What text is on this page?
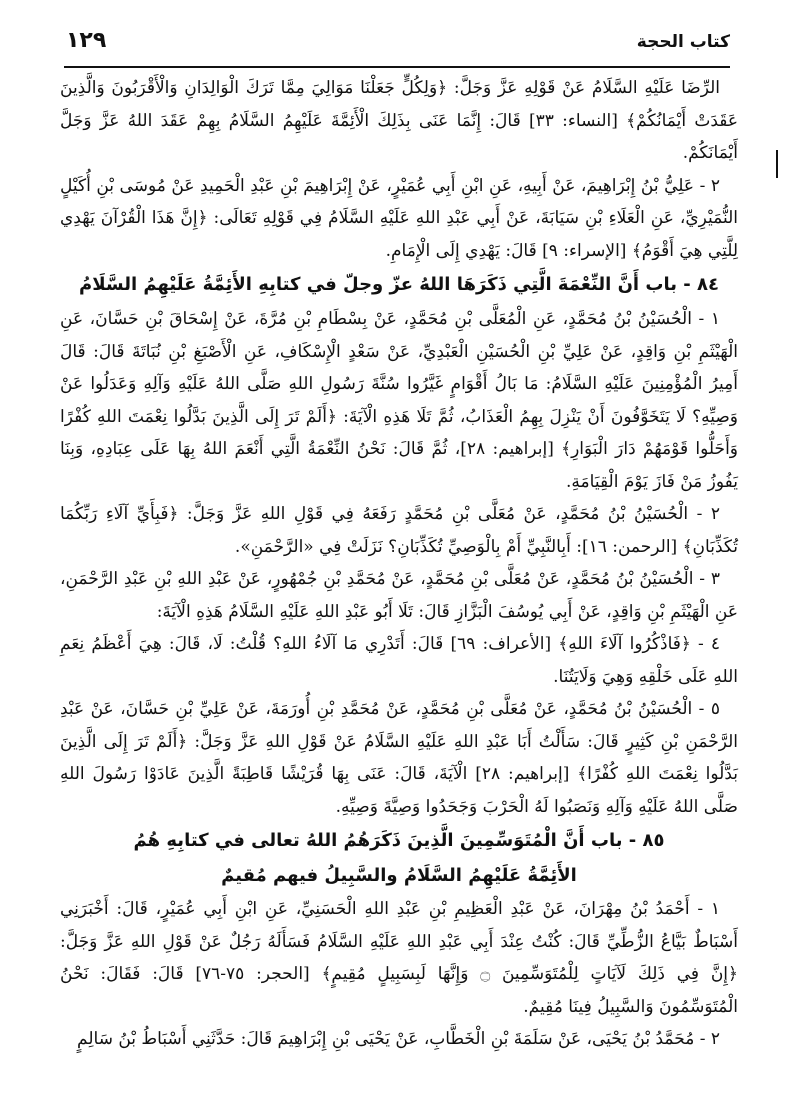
١٢٩	كتاب الحجة

الرِّضَا عَلَيْهِ السَّلَامُ عَنْ قَوْلِهِ عَزَّ وَجَلَّ: ﴿وَلِكُلٍّ جَعَلْنَا مَوَالِيَ مِمَّا تَرَكَ الْوَالِدَانِ وَالْأَقْرَبُونَ وَالَّذِينَ عَقَدَتْ أَيْمَانُكُمْ﴾ [النساء: ٣٣] قَالَ: إِنَّمَا عَنَى بِذَلِكَ الْأَئِمَّةَ عَلَيْهِمُ السَّلَامُ بِهِمْ عَقَدَ اللهُ عَزَّ وَجَلَّ أَيْمَانَكُمْ.

٢ - عَلِيُّ بْنُ إِبْرَاهِيمَ، عَنْ أَبِيهِ، عَنِ ابْنِ أَبِي عُمَيْرٍ، عَنْ إِبْرَاهِيمَ بْنِ عَبْدِ الْحَمِيدِ عَنْ مُوسَى بْنِ أُكَيْلٍ النُّمَيْرِيِّ، عَنِ الْعَلَاءِ بْنِ سَيَابَةَ، عَنْ أَبِي عَبْدِ اللهِ عَلَيْهِ السَّلَامُ فِي قَوْلِهِ تَعَالَى: ﴿إِنَّ هَذَا الْقُرْآنَ يَهْدِي لِلَّتِي هِيَ أَقْوَمُ﴾ [الإسراء: ٩] قَالَ: يَهْدِي إِلَى الْإِمَامِ.

٨٤ - باب أَنَّ النِّعْمَةَ الَّتِي ذَكَرَهَا اللهُ عزّ وجلّ في كتابِهِ الأَئِمَّةُ عَلَيْهِمُ السَّلَامُ

١ - الْحُسَيْنُ بْنُ مُحَمَّدٍ، عَنِ الْمُعَلَّى بْنِ مُحَمَّدٍ، عَنْ بِسْطَامِ بْنِ مُرَّةَ، عَنْ إِسْحَاقَ بْنِ حَسَّانَ، عَنِ الْهَيْثَمِ بْنِ وَاقِدٍ، عَنْ عَلِيِّ بْنِ الْحُسَيْنِ الْعَبْدِيِّ، عَنْ سَعْدٍ الْإِسْكَافِ، عَنِ الْأَصْبَغِ بْنِ نُبَاتَةَ قَالَ: قَالَ أَمِيرُ الْمُؤْمِنِينَ عَلَيْهِ السَّلَامُ: مَا بَالُ أَقْوَامٍ غَيَّرُوا سُنَّةَ رَسُولِ اللهِ صَلَّى اللهُ عَلَيْهِ وَآلِهِ وَعَدَلُوا عَنْ وَصِيِّهِ؟ لَا يَتَخَوَّفُونَ أَنْ يَنْزِلَ بِهِمُ الْعَذَابُ، ثُمَّ تَلَا هَذِهِ الْآيَةَ: ﴿أَلَمْ تَرَ إِلَى الَّذِينَ بَدَّلُوا نِعْمَتَ اللهِ كُفْرًا وَأَحَلُّوا قَوْمَهُمْ دَارَ الْبَوَارِ﴾ [إبراهيم: ٢٨]، ثُمَّ قَالَ: نَحْنُ النِّعْمَةُ الَّتِي أَنْعَمَ اللهُ بِهَا عَلَى عِبَادِهِ، وَبِنَا يَفُوزُ مَنْ فَازَ يَوْمَ الْقِيَامَةِ.

٢ - الْحُسَيْنُ بْنُ مُحَمَّدٍ، عَنْ مُعَلَّى بْنِ مُحَمَّدٍ رَفَعَهُ فِي قَوْلِ اللهِ عَزَّ وَجَلَّ: ﴿فَبِأَيِّ آلَاءِ رَبِّكُمَا تُكَذِّبَانِ﴾ [الرحمن: ١٦]: أَبِالنَّبِيِّ أَمْ بِالْوَصِيِّ تُكَذِّبَانِ؟ نَزَلَتْ فِي «الرَّحْمَنِ».

٣ - الْحُسَيْنُ بْنُ مُحَمَّدٍ، عَنْ مُعَلَّى بْنِ مُحَمَّدٍ، عَنْ مُحَمَّدِ بْنِ جُمْهُورٍ، عَنْ عَبْدِ اللهِ بْنِ عَبْدِ الرَّحْمَنِ، عَنِ الْهَيْثَمِ بْنِ وَاقِدٍ، عَنْ أَبِي يُوسُفَ الْبَزَّازِ قَالَ: تَلَا أَبُو عَبْدِ اللهِ عَلَيْهِ السَّلَامُ هَذِهِ الْآيَةَ:

٤ - ﴿فَاذْكُرُوا آلَاءَ اللهِ﴾ [الأعراف: ٦٩] قَالَ: أَتَدْرِي مَا آلَاءُ اللهِ؟ قُلْتُ: لَا، قَالَ: هِيَ أَعْظَمُ نِعَمِ اللهِ عَلَى خَلْقِهِ وَهِيَ وَلَايَتُنَا.

٥ - الْحُسَيْنُ بْنُ مُحَمَّدٍ، عَنْ مُعَلَّى بْنِ مُحَمَّدٍ، عَنْ مُحَمَّدِ بْنِ أُورَمَةَ، عَنْ عَلِيِّ بْنِ حَسَّانَ، عَنْ عَبْدِ الرَّحْمَنِ بْنِ كَثِيرٍ قَالَ: سَأَلْتُ أَبَا عَبْدِ اللهِ عَلَيْهِ السَّلَامُ عَنْ قَوْلِ اللهِ عَزَّ وَجَلَّ: ﴿أَلَمْ تَرَ إِلَى الَّذِينَ بَدَّلُوا نِعْمَتَ اللهِ كُفْرًا﴾ [إبراهيم: ٢٨] الْآيَةَ، قَالَ: عَنَى بِهَا قُرَيْشًا قَاطِبَةً الَّذِينَ عَادَوْا رَسُولَ اللهِ صَلَّى اللهُ عَلَيْهِ وَآلِهِ وَنَصَبُوا لَهُ الْحَرْبَ وَجَحَدُوا وَصِيَّةَ وَصِيِّهِ.

٨٥ - باب أَنَّ الْمُتَوَسِّمِينَ الَّذِينَ ذَكَرَهُمُ اللهُ تعالى في كتابِهِ هُمُ

الأَئِمَّةُ عَلَيْهِمُ السَّلَامُ والسَّبِيلُ فيهم مُقيمٌ

١ - أَحْمَدُ بْنُ مِهْرَانَ، عَنْ عَبْدِ الْعَظِيمِ بْنِ عَبْدِ اللهِ الْحَسَنِيِّ، عَنِ ابْنِ أَبِي عُمَيْرٍ، قَالَ: أَخْبَرَنِي أَسْبَاطٌ بَيَّاعُ الزُّطِّيِّ قَالَ: كُنْتُ عِنْدَ أَبِي عَبْدِ اللهِ عَلَيْهِ السَّلَامُ فَسَأَلَهُ رَجُلٌ عَنْ قَوْلِ اللهِ عَزَّ وَجَلَّ: ﴿إِنَّ فِي ذَلِكَ لَآيَاتٍ لِلْمُتَوَسِّمِينَ ۝ وَإِنَّهَا لَبِسَبِيلٍ مُقِيمٍ﴾ [الحجر: ٧٥-٧٦] قَالَ: فَقَالَ: نَحْنُ الْمُتَوَسِّمُونَ وَالسَّبِيلُ فِينَا مُقِيمٌ.

٢ - مُحَمَّدُ بْنُ يَحْيَى، عَنْ سَلَمَةَ بْنِ الْخَطَّابِ، عَنْ يَحْيَى بْنِ إِبْرَاهِيمَ قَالَ: حَدَّثَنِي أَسْبَاطُ بْنُ سَالِمٍ
